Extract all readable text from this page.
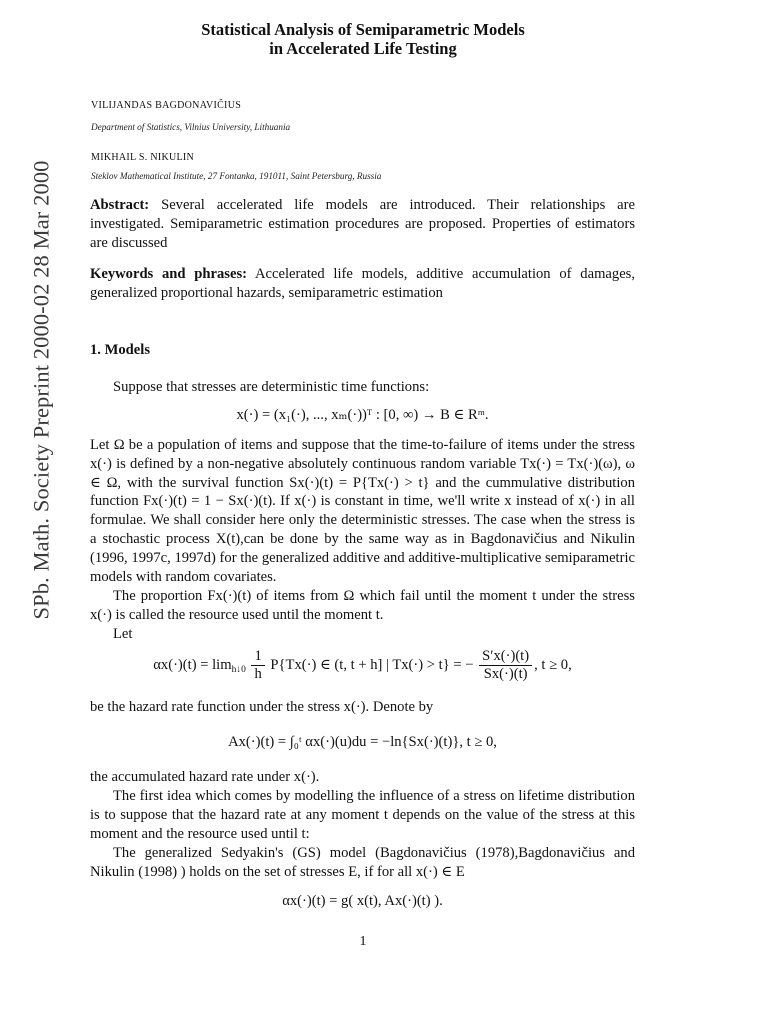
SPb. Math. Society Preprint 2000-02 28 Mar 2000
Statistical Analysis of Semiparametric Models
in Accelerated Life Testing
VILIJANDAS BAGDONAVIČIUS
Department of Statistics, Vilnius University, Lithuania
MIKHAIL S. NIKULIN
Steklov Mathematical Institute, 27 Fontanka, 191011, Saint Petersburg, Russia
Abstract: Several accelerated life models are introduced. Their relationships are investigated. Semiparametric estimation procedures are proposed. Properties of estimators are discussed
Keywords and phrases: Accelerated life models, additive accumulation of damages, generalized proportional hazards, semiparametric estimation
1. Models
Suppose that stresses are deterministic time functions:
x(·) = (x₁(·), ..., xₘ(·))ᵀ : [0, ∞) → B ∈ Rᵐ.
Let Ω be a population of items and suppose that the time-to-failure of items under the stress x(·) is defined by a non-negative absolutely continuous random variable Tx(·) = Tx(·)(ω), ω ∈ Ω, with the survival function Sx(·)(t) = P{Tx(·) > t} and the cummulative distribution function Fx(·)(t) = 1 − Sx(·)(t). If x(·) is constant in time, we'll write x instead of x(·) in all formulae. We shall consider here only the deterministic stresses. The case when the stress is a stochastic process X(t),can be done by the same way as in Bagdonavičius and Nikulin (1996, 1997c, 1997d) for the generalized additive and additive-multiplicative semiparametric models with random covariates.
The proportion Fx(·)(t) of items from Ω which fail until the moment t under the stress x(·) is called the resource used until the moment t.
Let
$\alpha x(\cdot)(t) = \lim_{h↓0} \frac{1}{h} P\{Tx(\cdot)$ ∈ (t, t + h] | Tx(·) > t} = − $\frac{S'x(\cdot)(t)}{Sx(\cdot)(t)}$ , t ≥ 0,
be the hazard rate function under the stress x(·). Denote by
Ax(·)(t) = ∫₀ᵗ αx(·)(u)du = −ln{Sx(·)(t)}, t ≥ 0,
the accumulated hazard rate under x(·).
The first idea which comes by modelling the influence of a stress on lifetime distribution is to suppose that the hazard rate at any moment t depends on the value of the stress at this moment and the resource used until t:
The generalized Sedyakin's (GS) model (Bagdonavičius (1978),Bagdonavičius and Nikulin (1998) ) holds on the set of stresses E, if for all x(·) ∈ E
αx(·)(t) = g( x(t), Ax(·)(t) ).
1
